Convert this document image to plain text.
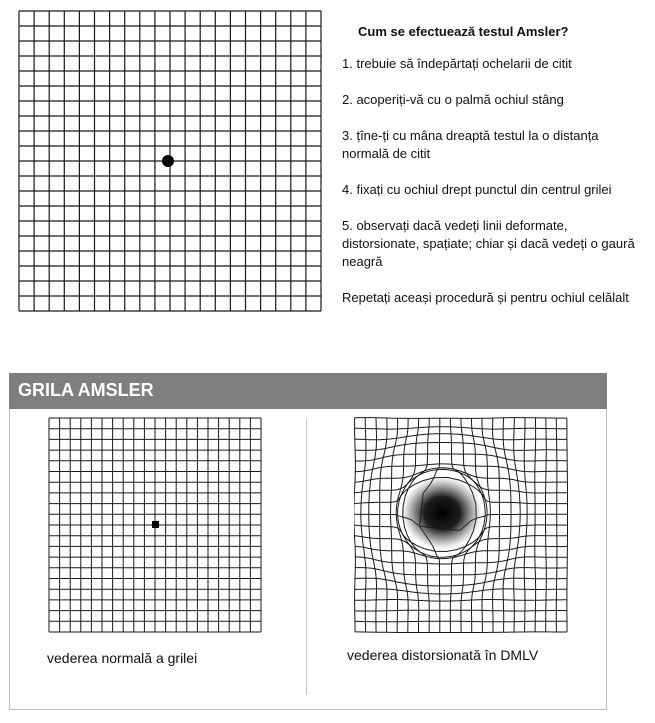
Cum se efectuează testul Amsler?
1. trebuie să îndepărtați ochelarii de citit
2. acoperiți-vă cu o palmă ochiul stâng
3. țîne-ți cu mâna dreaptă testul la o distanța normală de citit
4. fixați cu ochiul drept punctul din centrul grilei
5. observați dacă vedeți linii deformate, distorsionate, spațiate; chiar și dacă vedeți o gaură neagră
Repetați aceași procedură și pentru ochiul celălalt
GRILA AMSLER
vederea normală a grilei	vederea distorsionată în DMLV
